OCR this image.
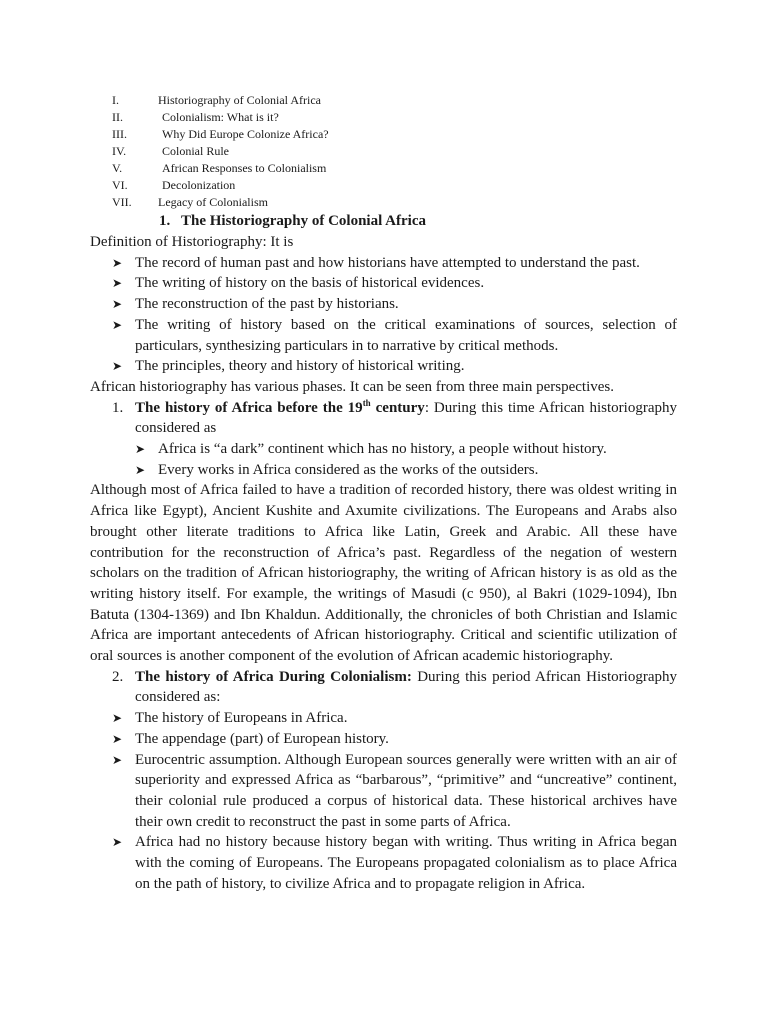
I.	Historiography of Colonial Africa
II.	Colonialism: What is it?
III.	Why Did Europe Colonize Africa?
IV.	Colonial Rule
V.	African Responses to Colonialism
VI.	Decolonization
VII. Legacy of Colonialism
1. The Historiography of Colonial Africa

Definition of Historiography: It is

➤ The record of human past and how historians have attempted to understand the past.

➤ The writing of history on the basis of historical evidences.

➤ The reconstruction of the past by historians.

➤ The writing of history based on the critical examinations of sources, selection of particulars, synthesizing particulars in to narrative by critical methods.

➤ The principles, theory and history of historical writing.

African historiography has various phases. It can be seen from three main perspectives.

1. The history of Africa before the 19th century: During this time African historiography considered as

➤ Africa is “a dark” continent which has no history, a people without history.

➤ Every works in Africa considered as the works of the outsiders.

Although most of Africa failed to have a tradition of recorded history, there was oldest writing in Africa like Egypt), Ancient Kushite and Axumite civilizations. The Europeans and Arabs also brought other literate traditions to Africa like Latin, Greek and Arabic. All these have contribution for the reconstruction of Africa’s past. Regardless of the negation of western scholars on the tradition of African historiography, the writing of African history is as old as the writing history itself. For example, the writings of Masudi (c 950), al Bakri (1029-1094), Ibn Batuta (1304-1369) and Ibn Khaldun. Additionally, the chronicles of both Christian and Islamic Africa are important antecedents of African historiography. Critical and scientific utilization of oral sources is another component of the evolution of African academic historiography.

2. The history of Africa During Colonialism: During this period African Historiography considered as:

➤ The history of Europeans in Africa.

➤ The appendage (part) of European history.

➤ Eurocentric assumption. Although European sources generally were written with an air of superiority and expressed Africa as “barbarous”, “primitive” and “uncreative” continent, their colonial rule produced a corpus of historical data. These historical archives have their own credit to reconstruct the past in some parts of Africa.

➤ Africa had no history because history began with writing. Thus writing in Africa began with the coming of Europeans. The Europeans propagated colonialism as to place Africa on the path of history, to civilize Africa and to propagate religion in Africa.
